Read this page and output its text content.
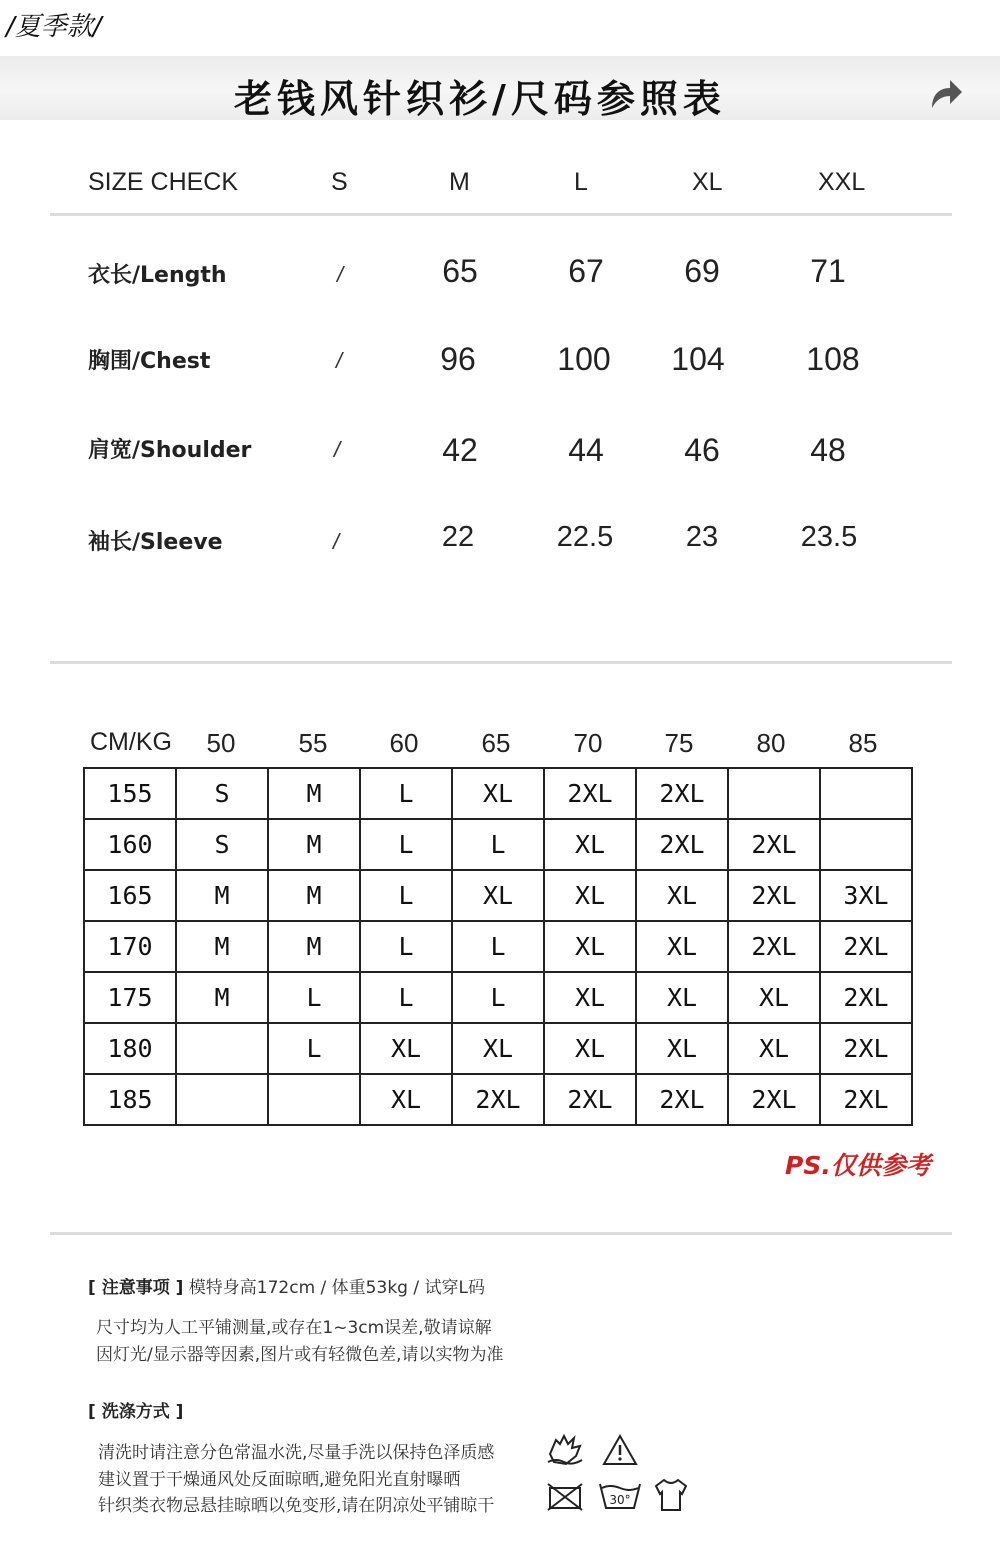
/夏季款/
老钱风针织衫/尺码参照表
SIZE CHECK	S	M	L	XL	XXL
衣长/Length	/	65	67	69	71
胸围/Chest	/	96	100	104	108
肩宽/Shoulder	/	42	44	46	48
袖长/Sleeve	/	22	22.5	23	23.5
CM/KG	50	55	60	65	70	75	80	85
155	S	M	L	XL	2XL	2XL		
160	S	M	L	L	XL	2XL	2XL	
165	M	M	L	XL	XL	XL	2XL	3XL
170	M	M	L	L	XL	XL	2XL	2XL
175	M	L	L	L	XL	XL	XL	2XL
180		L	XL	XL	XL	XL	XL	2XL
185			XL	2XL	2XL	2XL	2XL	2XL
PS.仅供参考
[ 注意事项 ] 模特身高172cm / 体重53kg / 试穿L码
尺寸均为人工平铺测量,或存在1~3cm误差,敬请谅解
因灯光/显示器等因素,图片或有轻微色差,请以实物为准
[ 洗涤方式 ]
清洗时请注意分色常温水洗,尽量手洗以保持色泽质感
建议置于干燥通风处反面晾晒,避免阳光直射曝晒
针织类衣物忌悬挂晾晒以免变形,请在阴凉处平铺晾干	30°
